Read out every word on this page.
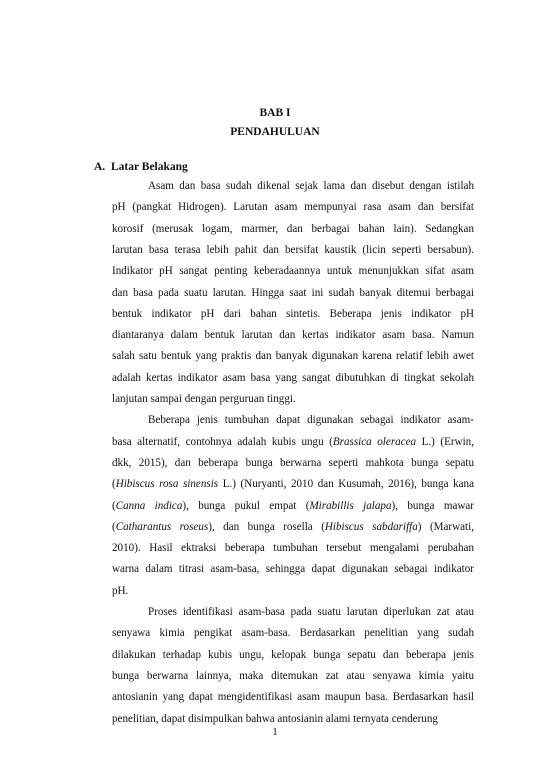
BAB I
PENDAHULUAN
A. Latar Belakang
Asam dan basa sudah dikenal sejak lama dan disebut dengan istilah
pH (pangkat Hidrogen). Larutan asam mempunyai rasa asam dan bersifat
korosif (merusak logam, marmer, dan berbagai bahan lain). Sedangkan
larutan basa terasa lebih pahit dan bersifat kaustik (licin seperti bersabun).
Indikator pH sangat penting keberadaannya untuk menunjukkan sifat asam
dan basa pada suatu larutan. Hingga saat ini sudah banyak ditemui berbagai
bentuk indikator pH dari bahan sintetis. Beberapa jenis indikator pH
diantaranya dalam bentuk larutan dan kertas indikator asam basa. Namun
salah satu bentuk yang praktis dan banyak digunakan karena relatif lebih awet
adalah kertas indikator asam basa yang sangat dibutuhkan di tingkat sekolah
lanjutan sampai dengan perguruan tinggi.
Beberapa jenis tumbuhan dapat digunakan sebagai indikator asam-
basa alternatif, contohnya adalah kubis ungu (Brassica oleracea L.) (Erwin,
dkk, 2015), dan beberapa bunga berwarna seperti mahkota bunga sepatu
(Hibiscus rosa sinensis L.) (Nuryanti, 2010 dan Kusumah, 2016), bunga kana
(Canna indica), bunga pukul empat (Mirabillis jalapa), bunga mawar
(Catharantus roseus), dan bunga rosella (Hibiscus sabdariffa) (Marwati,
2010). Hasil ektraksi beberapa tumbuhan tersebut mengalami perubahan
warna dalam titrasi asam-basa, sehingga dapat digunakan sebagai indikator
pH.
Proses identifikasi asam-basa pada suatu larutan diperlukan zat atau
senyawa kimia pengikat asam-basa. Berdasarkan penelitian yang sudah
dilakukan terhadap kubis ungu, kelopak bunga sepatu dan beberapa jenis
bunga berwarna lainnya, maka ditemukan zat atau senyawa kimia yaitu
antosianin yang dapat mengidentifikasi asam maupun basa. Berdasarkan hasil
penelitian, dapat disimpulkan bahwa antosianin alami ternyata cenderung
1
